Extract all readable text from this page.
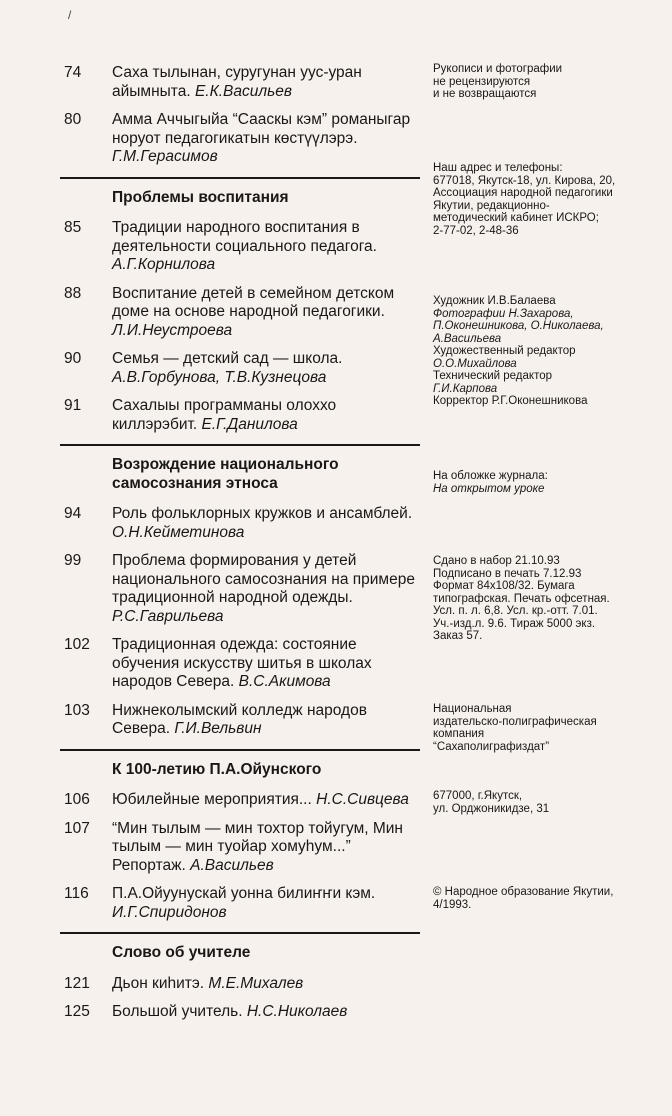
/
74	Саха тылынан, суругунан уус-уран айымныта. Е.К.Васильев
80	Амма Аччыгыйа “Сааскы кэм” романыгар норуот педагогикатын көстүүлэрэ. Г.М.Герасимов
Проблемы воспитания
85	Традиции народного воспитания в деятельности социального педагога. А.Г.Корнилова
88	Воспитание детей в семейном детском доме на основе народной педагогики. Л.И.Неустроева
90	Семья — детский сад — школа. А.В.Горбунова, Т.В.Кузнецова
91	Сахалыы программаны олоххо киллэрэбит. Е.Г.Данилова
Возрождение национального самосознания этноса
94	Роль фольклорных кружков и ансамблей. О.Н.Кейметинова
99	Проблема формирования у детей национального самосознания на примере традиционной народной одежды. Р.С.Гаврильева
102	Традиционная одежда: состояние обучения искусству шитья в школах народов Севера. В.С.Акимова
103	Нижнеколымский колледж народов Севера. Г.И.Вельвин
К 100-летию П.А.Ойунского
106	Юбилейные мероприятия... Н.С.Сивцева
107	“Мин тылым — мин тохтор тойугум, Мин тылым — мин туойар хомуһум...” Репортаж. А.Васильев
116	П.А.Ойуунускай уонна билиҥҥи кэм. И.Г.Спиридонов
Слово об учителе
121	Дьон киһитэ. М.Е.Михалев
125	Большой учитель. Н.С.Николаев
Рукописи и фотографии
не рецензируются
и не возвращаются
Наш адрес и телефоны:
677018, Якутск-18, ул. Кирова, 20,
Ассоциация народной педагогики
Якутии, редакционно-
методический кабинет ИСКРО;
2-77-02, 2-48-36
Художник И.В.Балаева
Фотографии Н.Захарова,
П.Оконешникова, О.Николаева,
А.Васильева
Художественный редактор
О.О.Михайлова
Технический редактор
Г.И.Карпова
Корректор Р.Г.Оконешникова
На обложке журнала:
На открытом уроке
Сдано в набор 21.10.93
Подписано в печать 7.12.93
Формат 84x108/32. Бумага
типографская. Печать офсетная.
Усл. п. л. 6,8. Усл. кр.-отт. 7.01.
Уч.-изд.л. 9.6. Тираж 5000 экз.
Заказ 57.
Национальная
издательско-полиграфическая
компания
“Сахаполиграфиздат”
677000, г.Якутск,
ул. Орджоникидзе, 31
© Народное образование Якутии,
4/1993.
